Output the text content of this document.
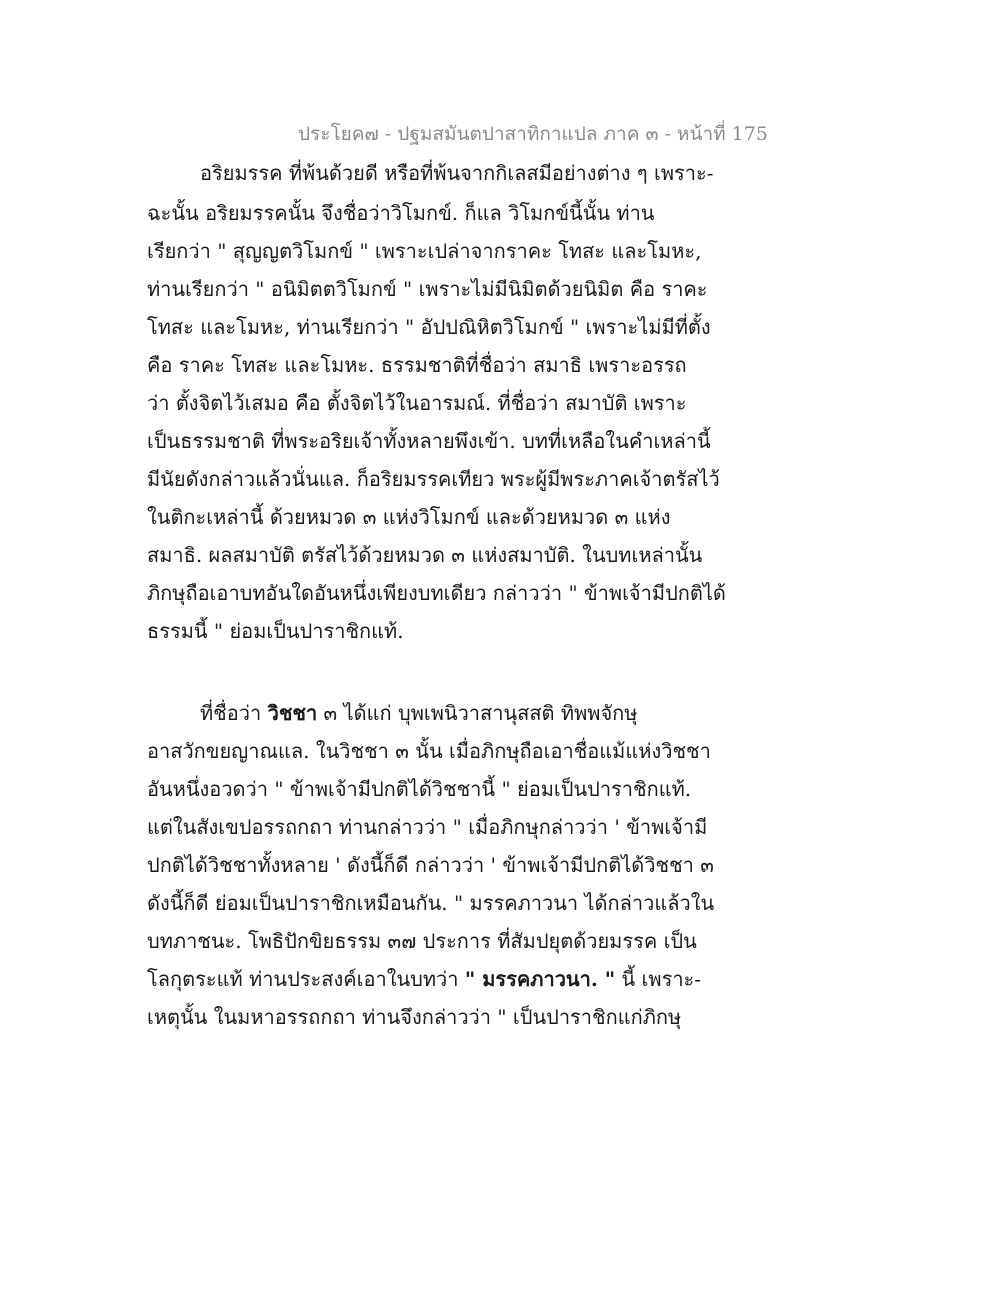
ประโยค๗ - ปฐมสมันตปาสาทิกาแปล ภาค ๓ - หน้าที่ 175
อริยมรรค ที่พ้นด้วยดี หรือที่พ้นจากกิเลสมีอย่างต่าง ๆ เพราะ-
ฉะนั้น อริยมรรคนั้น จึงชื่อว่าวิโมกข์. ก็แล วิโมกข์นี้นั้น ท่าน
เรียกว่า " สุญญตวิโมกข์ " เพราะเปล่าจากราคะ โทสะ และโมหะ,
ท่านเรียกว่า " อนิมิตตวิโมกข์ " เพราะไม่มีนิมิตด้วยนิมิต คือ ราคะ
โทสะ และโมหะ, ท่านเรียกว่า " อัปปณิหิตวิโมกข์ " เพราะไม่มีที่ตั้ง
คือ ราคะ โทสะ และโมหะ. ธรรมชาติที่ชื่อว่า สมาธิ เพราะอรรถ
ว่า ตั้งจิตไว้เสมอ คือ ตั้งจิตไว้ในอารมณ์. ที่ชื่อว่า สมาบัติ เพราะ
เป็นธรรมชาติ ที่พระอริยเจ้าทั้งหลายพึงเข้า. บทที่เหลือในคำเหล่านี้
มีนัยดังกล่าวแล้วนั่นแล. ก็อริยมรรคเทียว พระผู้มีพระภาคเจ้าตรัสไว้
ในติกะเหล่านี้ ด้วยหมวด ๓ แห่งวิโมกข์ และด้วยหมวด ๓ แห่ง
สมาธิ. ผลสมาบัติ ตรัสไว้ด้วยหมวด ๓ แห่งสมาบัติ. ในบทเหล่านั้น
ภิกษุถือเอาบทอันใดอันหนึ่งเพียงบทเดียว กล่าวว่า " ข้าพเจ้ามีปกติได้
ธรรมนี้ " ย่อมเป็นปาราชิกแท้.
ที่ชื่อว่า วิชชา ๓ ได้แก่ บุพเพนิวาสานุสสติ ทิพพจักษุ
อาสวักขยญาณแล. ในวิชชา ๓ นั้น เมื่อภิกษุถือเอาชื่อแม้แห่งวิชชา
อันหนึ่งอวดว่า " ข้าพเจ้ามีปกติได้วิชชานี้ " ย่อมเป็นปาราชิกแท้.
แต่ในสังเขปอรรถกถา ท่านกล่าวว่า " เมื่อภิกษุกล่าวว่า ' ข้าพเจ้ามี
ปกติได้วิชชาทั้งหลาย ' ดังนี้ก็ดี กล่าวว่า ' ข้าพเจ้ามีปกติได้วิชชา ๓
ดังนี้ก็ดี ย่อมเป็นปาราชิกเหมือนกัน. " มรรคภาวนา ได้กล่าวแล้วใน
บทภาชนะ. โพธิปักขิยธรรม ๓๗ ประการ ที่สัมปยุตด้วยมรรค เป็น
โลกุตระแท้ ท่านประสงค์เอาในบทว่า " มรรคภาวนา. " นี้ เพราะ-
เหตุนั้น ในมหาอรรถกถา ท่านจึงกล่าวว่า " เป็นปาราชิกแก่ภิกษุ
